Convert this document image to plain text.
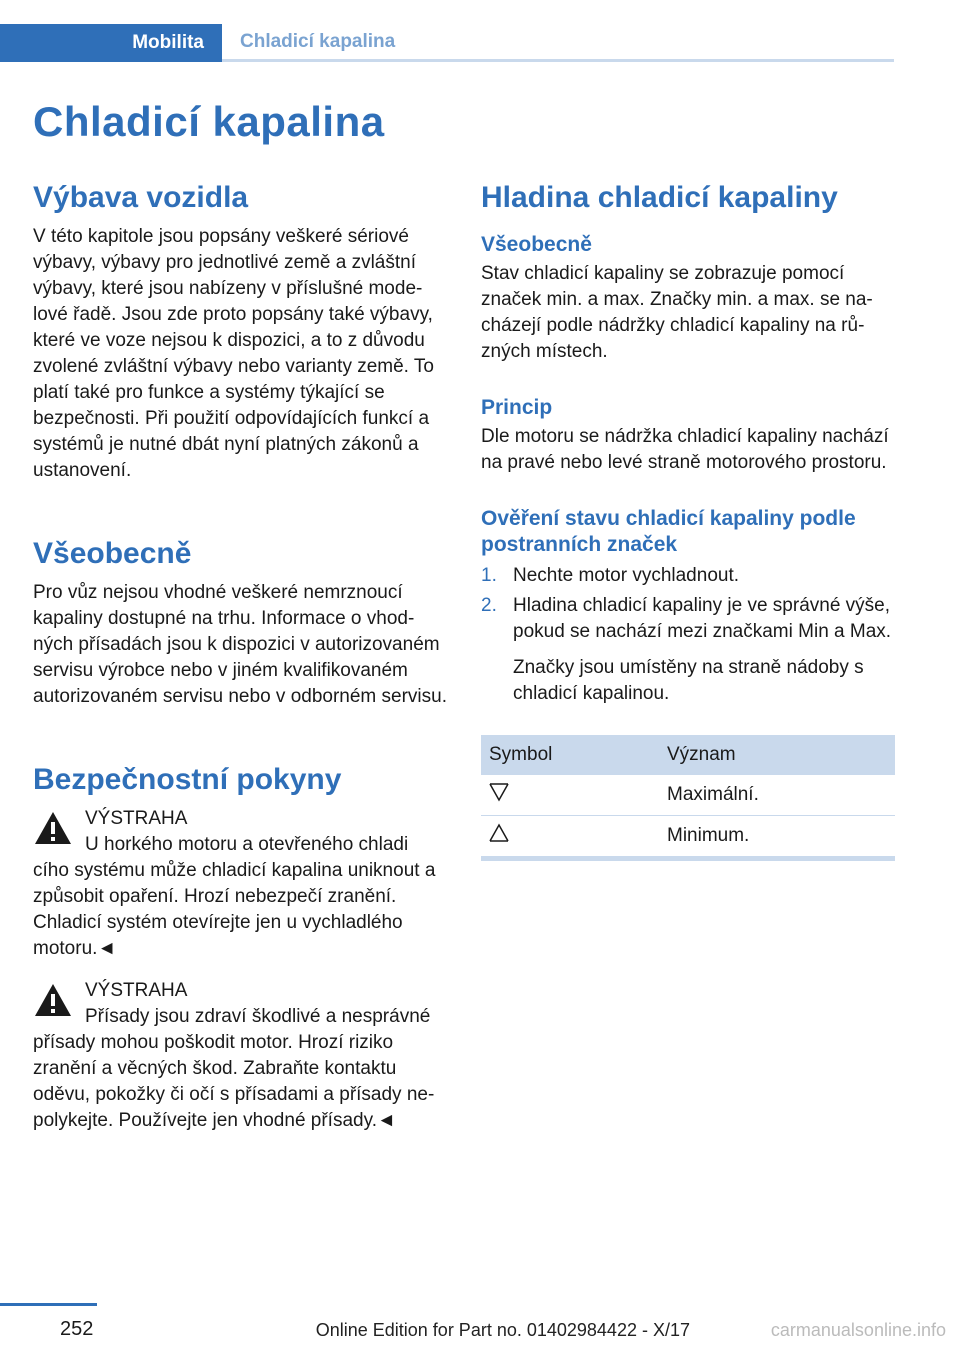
Mobilita Chladicí kapalina
Chladicí kapalina
Výbava vozidla

V této kapitole jsou popsány veškeré sériové výbavy, výbavy pro jednotlivé země a zvláštní výbavy, které jsou nabízeny v příslušné modelové řadě. Jsou zde proto popsány také výbavy, které ve voze nejsou k dispozici, a to z důvodu zvolené zvláštní výbavy nebo varianty země. To platí také pro funkce a systémy týkající se bezpečnosti. Při použití odpovídajících funkcí a systémů je nutné dbát nyní platných zákonů a ustanovení.

Všeobecně

Pro vůz nejsou vhodné veškeré nemrznoucí kapaliny dostupné na trhu. Informace o vhodných přísadách jsou k dispozici v autorizovaném servisu výrobce nebo v jiném kvalifikovaném autorizovaném servisu nebo v odborném servisu.

Bezpečnostní pokyny
VÝSTRAHA
U horkého motoru a otevřeného chladi
cího systému může chladicí kapalina uniknout a způsobit opaření. Hrozí nebezpečí zranění. Chladicí systém otevírejte jen u vychladlého motoru.◄
VÝSTRAHA
Přísady jsou zdraví škodlivé a nesprávné
přísady mohou poškodit motor. Hrozí riziko zranění a věcných škod. Zabraňte kontaktu oděvu, pokožky či očí s přísadami a přísady nepolykejte. Používejte jen vhodné přísady.◄
Hladina chladicí kapaliny
Všeobecně

Stav chladicí kapaliny se zobrazuje pomocí značek min. a max. Značky min. a max. se nacházejí podle nádržky chladicí kapaliny na různých místech.

Princip

Dle motoru se nádržka chladicí kapaliny nachází na pravé nebo levé straně motorového prostoru.

Ověření stavu chladicí kapaliny podle postranních značek
1. Nechte motor vychladnout.
2. Hladina chladicí kapaliny je ve správné výše, pokud se nachází mezi značkami Min a Max.
Značky jsou umístěny na straně nádoby s chladicí kapalinou.
Symbol	Význam
	Maximální.
	Minimum.
252	Online Edition for Part no. 01402984422 - X/17	carmanualsonline.info
